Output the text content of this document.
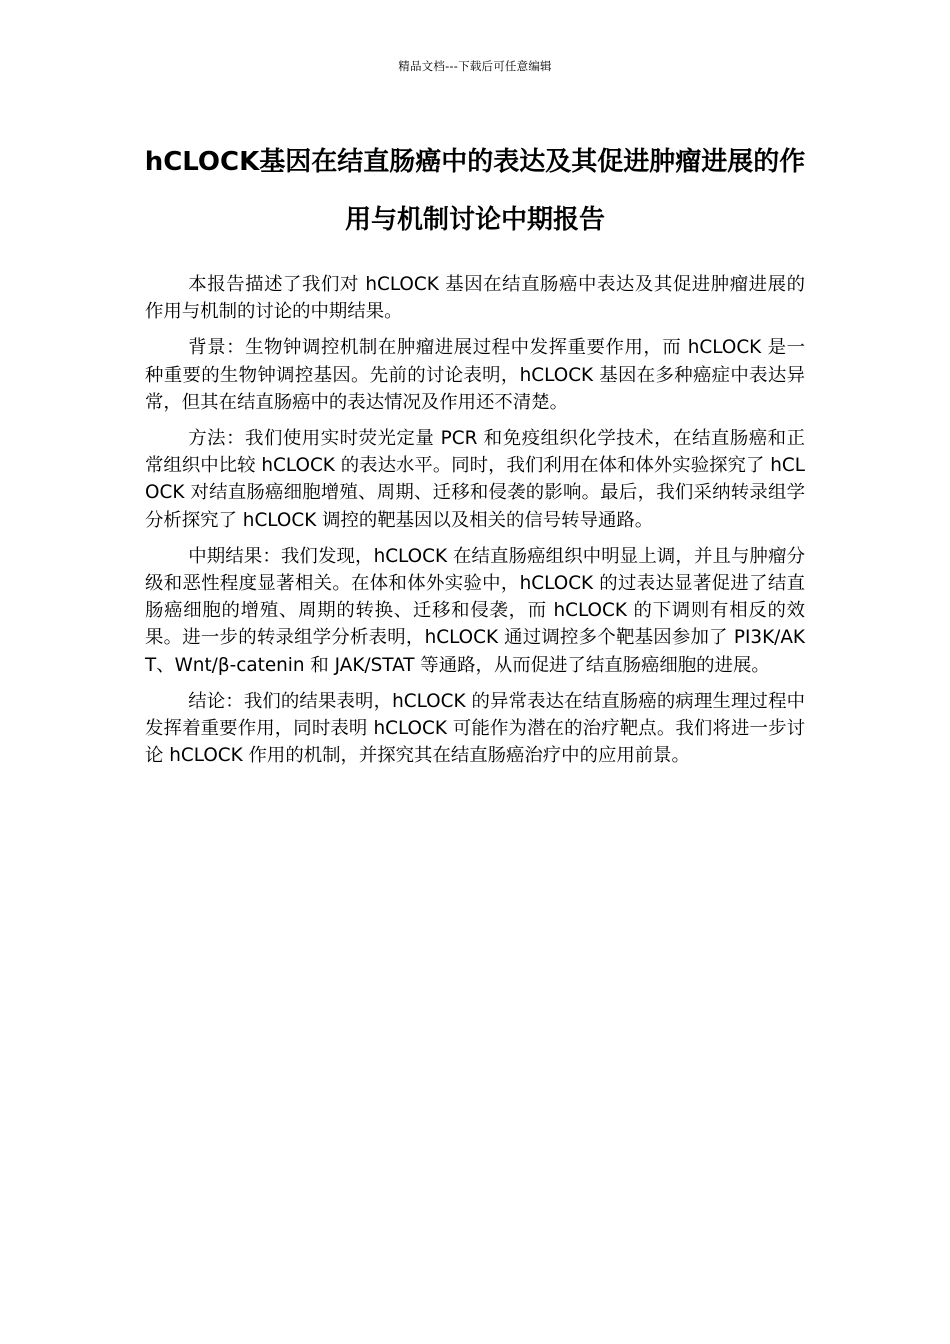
精品文档---下载后可任意编辑
hCLOCK基因在结直肠癌中的表达及其促进肿瘤进展的作用与机制讨论中期报告

本报告描述了我们对 hCLOCK 基因在结直肠癌中表达及其促进肿瘤进展的作用与机制的讨论的中期结果。

背景：生物钟调控机制在肿瘤进展过程中发挥重要作用，而 hCLOCK 是一种重要的生物钟调控基因。先前的讨论表明，hCLOCK 基因在多种癌症中表达异常，但其在结直肠癌中的表达情况及作用还不清楚。

方法：我们使用实时荧光定量 PCR 和免疫组织化学技术，在结直肠癌和正常组织中比较 hCLOCK 的表达水平。同时，我们利用在体和体外实验探究了 hCLOCK 对结直肠癌细胞增殖、周期、迁移和侵袭的影响。最后，我们采纳转录组学分析探究了 hCLOCK 调控的靶基因以及相关的信号转导通路。

中期结果：我们发现，hCLOCK 在结直肠癌组织中明显上调，并且与肿瘤分级和恶性程度显著相关。在体和体外实验中，hCLOCK 的过表达显著促进了结直肠癌细胞的增殖、周期的转换、迁移和侵袭，而 hCLOCK 的下调则有相反的效果。进一步的转录组学分析表明，hCLOCK 通过调控多个靶基因参加了 PI3K/AKT、Wnt/β-catenin 和 JAK/STAT 等通路，从而促进了结直肠癌细胞的进展。

结论：我们的结果表明，hCLOCK 的异常表达在结直肠癌的病理生理过程中发挥着重要作用，同时表明 hCLOCK 可能作为潜在的治疗靶点。我们将进一步讨论 hCLOCK 作用的机制，并探究其在结直肠癌治疗中的应用前景。
